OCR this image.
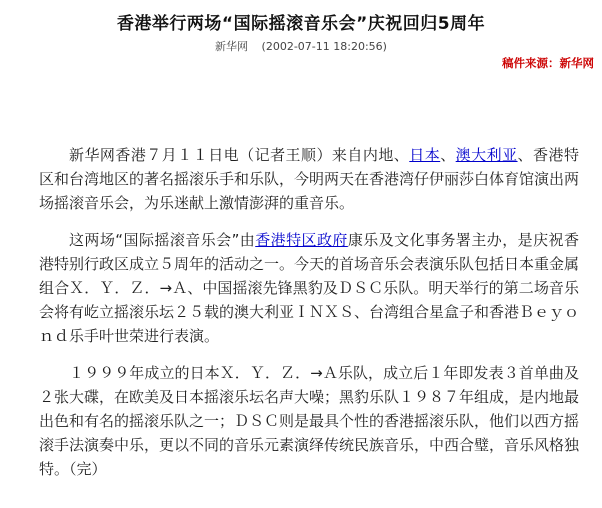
香港举行两场“国际摇滚音乐会”庆祝回归5周年
新华网 (2002-07-11 18:20:56)
稿件来源：新华网

新华网香港７月１１日电（记者王顺）来自内地、日本、澳大利亚、香港特区和台湾地区的著名摇滚乐手和乐队，今明两天在香港湾仔伊丽莎白体育馆演出两场摇滚音乐会，为乐迷献上激情澎湃的重音乐。

这两场“国际摇滚音乐会”由香港特区政府康乐及文化事务署主办，是庆祝香港特别行政区成立５周年的活动之一。今天的首场音乐会表演乐队包括日本重金属组合Ｘ．Ｙ．Ｚ．→Ａ、中国摇滚先锋黑豹及ＤＳＣ乐队。明天举行的第二场音乐会将有屹立摇滚乐坛２５载的澳大利亚ＩＮＸＳ、台湾组合星盒子和香港Ｂｅｙｏｎｄ乐手叶世荣进行表演。

１９９９年成立的日本Ｘ．Ｙ．Ｚ．→Ａ乐队，成立后１年即发表３首单曲及２张大碟，在欧美及日本摇滚乐坛名声大噪；黑豹乐队１９８７年组成，是内地最出色和有名的摇滚乐队之一；ＤＳＣ则是最具个性的香港摇滚乐队，他们以西方摇滚手法演奏中乐，更以不同的音乐元素演绎传统民族音乐，中西合璧，音乐风格独特。（完）
